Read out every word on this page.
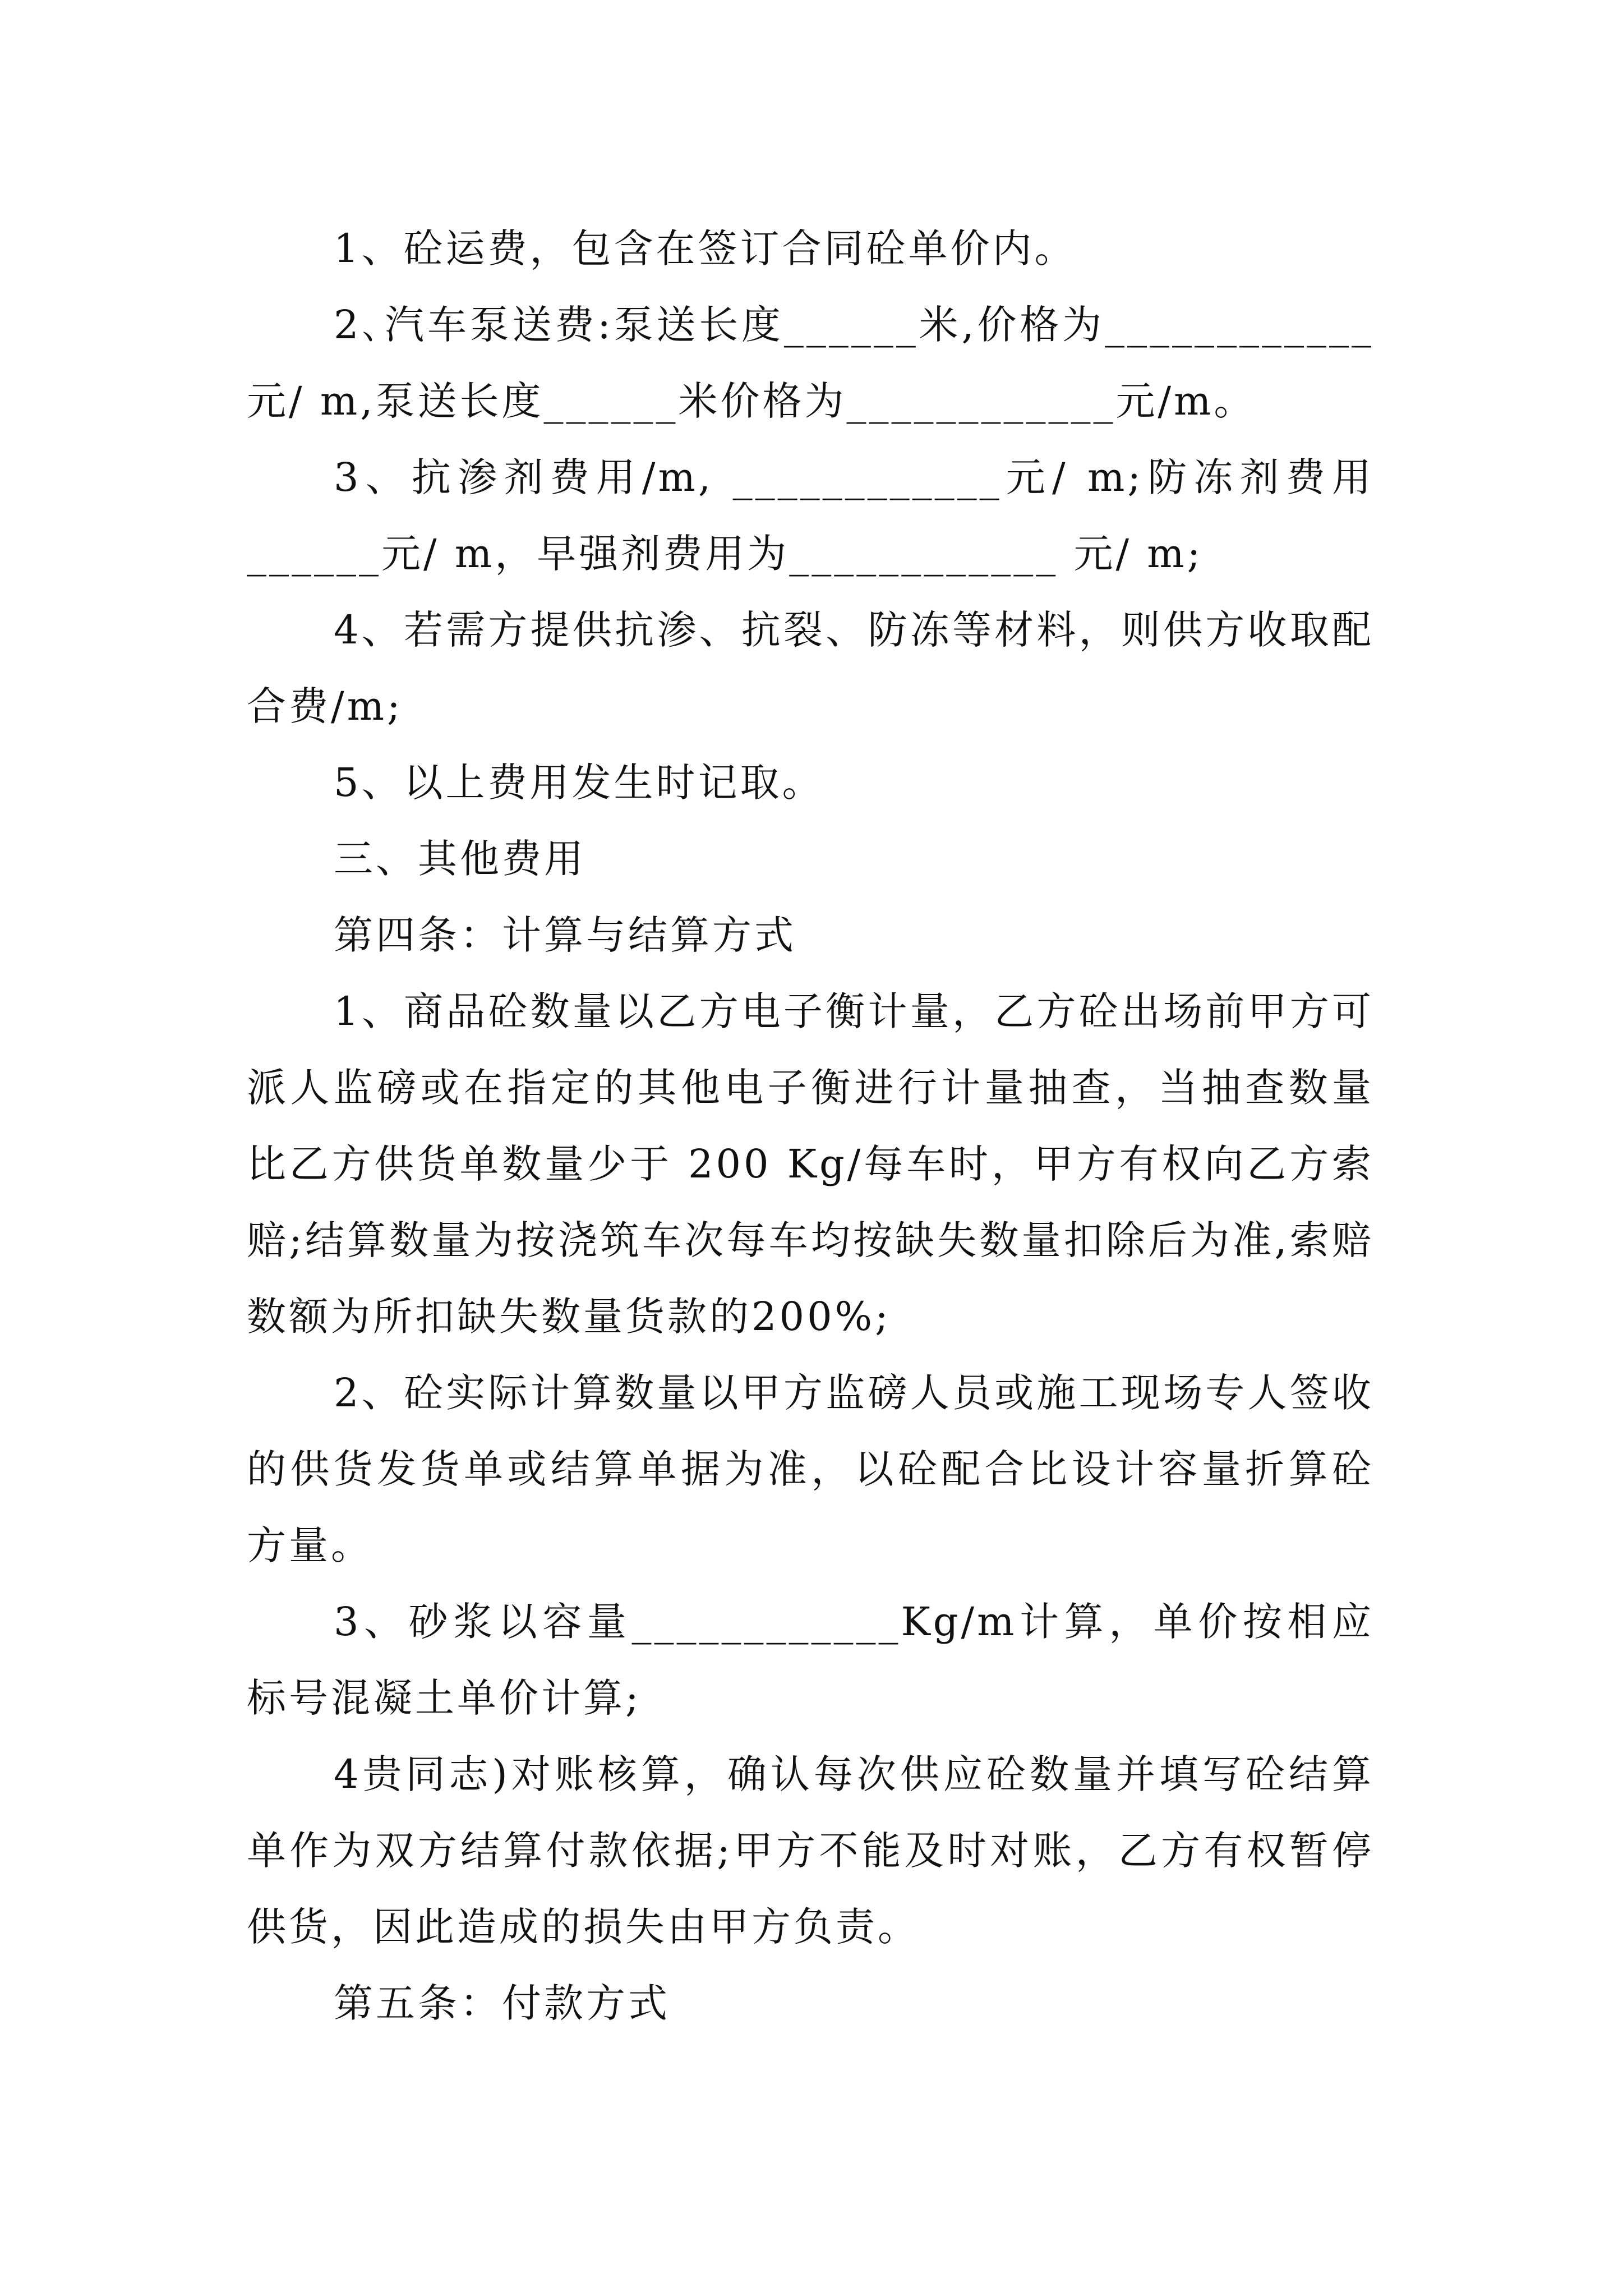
1、砼运费，包含在签订合同砼单价内。

2､汽车泵送费:泵送长度______米,价格为____________元/ m,泵送长度______米价格为____________元/m。

3、抗渗剂费用/m, ____________元/ m;防冻剂费用______元/ m，早强剂费用为____________ 元/ m;

4、若需方提供抗渗、抗裂、防冻等材料，则供方收取配合费/m;

5、以上费用发生时记取。

三、其他费用

第四条：计算与结算方式

1、商品砼数量以乙方电子衡计量，乙方砼出场前甲方可派人监磅或在指定的其他电子衡进行计量抽查，当抽查数量比乙方供货单数量少于 200 Kg/每车时，甲方有权向乙方索赔;结算数量为按浇筑车次每车均按缺失数量扣除后为准,索赔数额为所扣缺失数量货款的200%;

2、砼实际计算数量以甲方监磅人员或施工现场专人签收的供货发货单或结算单据为准，以砼配合比设计容量折算砼方量。

3、砂浆以容量____________Kg/m计算，单价按相应标号混凝土单价计算;

4贵同志)对账核算，确认每次供应砼数量并填写砼结算单作为双方结算付款依据;甲方不能及时对账，乙方有权暂停供货，因此造成的损失由甲方负责。

第五条：付款方式
